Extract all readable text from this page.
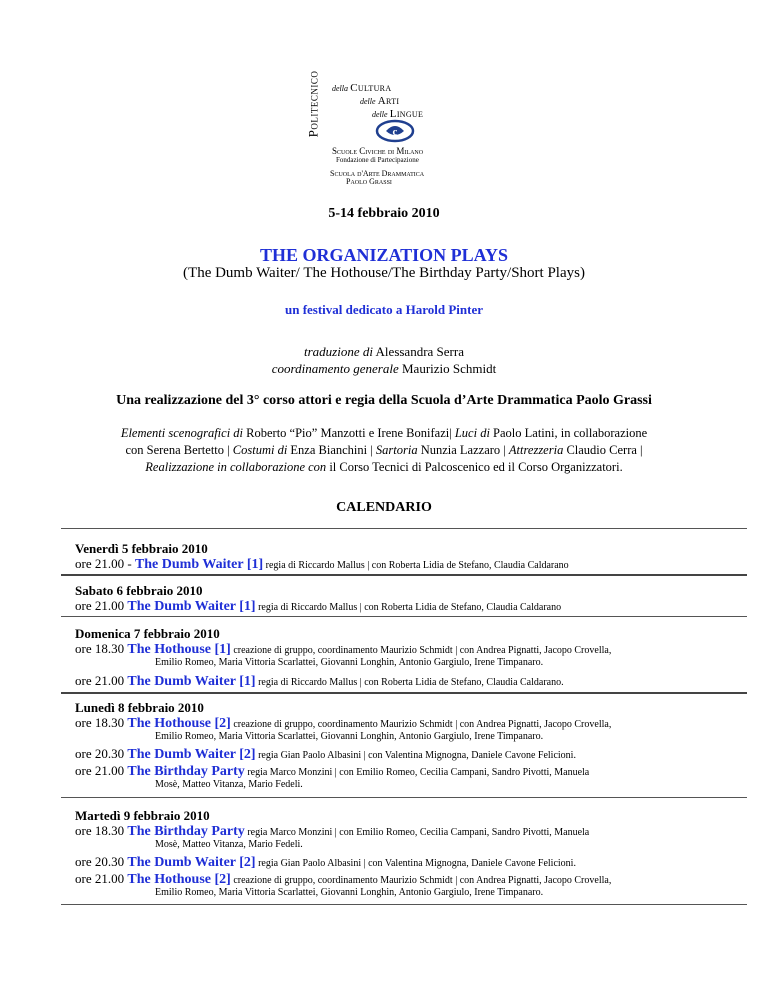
Politecnico della Cultura
delle Arti
delle Lingue
c
Scuole Civiche di Milano
Fondazione di Partecipazione
Scuola d'Arte Drammatica
Paolo Grassi
5-14 febbraio 2010
THE ORGANIZATION PLAYS
(The Dumb Waiter/ The Hothouse/The Birthday Party/Short Plays)
un festival dedicato a Harold Pinter
traduzione di Alessandra Serra
coordinamento generale Maurizio Schmidt
Una realizzazione del 3° corso attori e regia della Scuola d’Arte Drammatica Paolo Grassi
Elementi scenografici di Roberto “Pio” Manzotti e Irene Bonifazi| Luci di Paolo Latini, in collaborazione
con Serena Bertetto | Costumi di Enza Bianchini | Sartoria Nunzia Lazzaro | Attrezzeria Claudio Cerra |
Realizzazione in collaborazione con il Corso Tecnici di Palcoscenico ed il Corso Organizzatori.
CALENDARIO
Venerdì 5 febbraio 2010
ore 21.00 - The Dumb Waiter [1] regia di Riccardo Mallus | con Roberta Lidia de Stefano, Claudia Caldarano
Sabato 6 febbraio 2010
ore 21.00 The Dumb Waiter [1] regia di Riccardo Mallus | con Roberta Lidia de Stefano, Claudia Caldarano
Domenica 7 febbraio 2010
ore 18.30 The Hothouse [1] creazione di gruppo, coordinamento Maurizio Schmidt | con Andrea Pignatti, Jacopo Crovella,
Emilio Romeo, Maria Vittoria Scarlattei, Giovanni Longhin, Antonio Gargiulo, Irene Timpanaro.
ore 21.00 The Dumb Waiter [1] regia di Riccardo Mallus | con Roberta Lidia de Stefano, Claudia Caldarano.
Lunedì 8 febbraio 2010
ore 18.30 The Hothouse [2] creazione di gruppo, coordinamento Maurizio Schmidt | con Andrea Pignatti, Jacopo Crovella,
Emilio Romeo, Maria Vittoria Scarlattei, Giovanni Longhin, Antonio Gargiulo, Irene Timpanaro.
ore 20.30 The Dumb Waiter [2] regia Gian Paolo Albasini | con Valentina Mignogna, Daniele Cavone Felicioni.
ore 21.00 The Birthday Party regia Marco Monzini | con Emilio Romeo, Cecilia Campani, Sandro Pivotti, Manuela
Mosè, Matteo Vitanza, Mario Fedeli.
Martedì 9 febbraio 2010
ore 18.30 The Birthday Party regia Marco Monzini | con Emilio Romeo, Cecilia Campani, Sandro Pivotti, Manuela
Mosè, Matteo Vitanza, Mario Fedeli.
ore 20.30 The Dumb Waiter [2] regia Gian Paolo Albasini | con Valentina Mignogna, Daniele Cavone Felicioni.
ore 21.00 The Hothouse [2] creazione di gruppo, coordinamento Maurizio Schmidt | con Andrea Pignatti, Jacopo Crovella,
Emilio Romeo, Maria Vittoria Scarlattei, Giovanni Longhin, Antonio Gargiulo, Irene Timpanaro.
